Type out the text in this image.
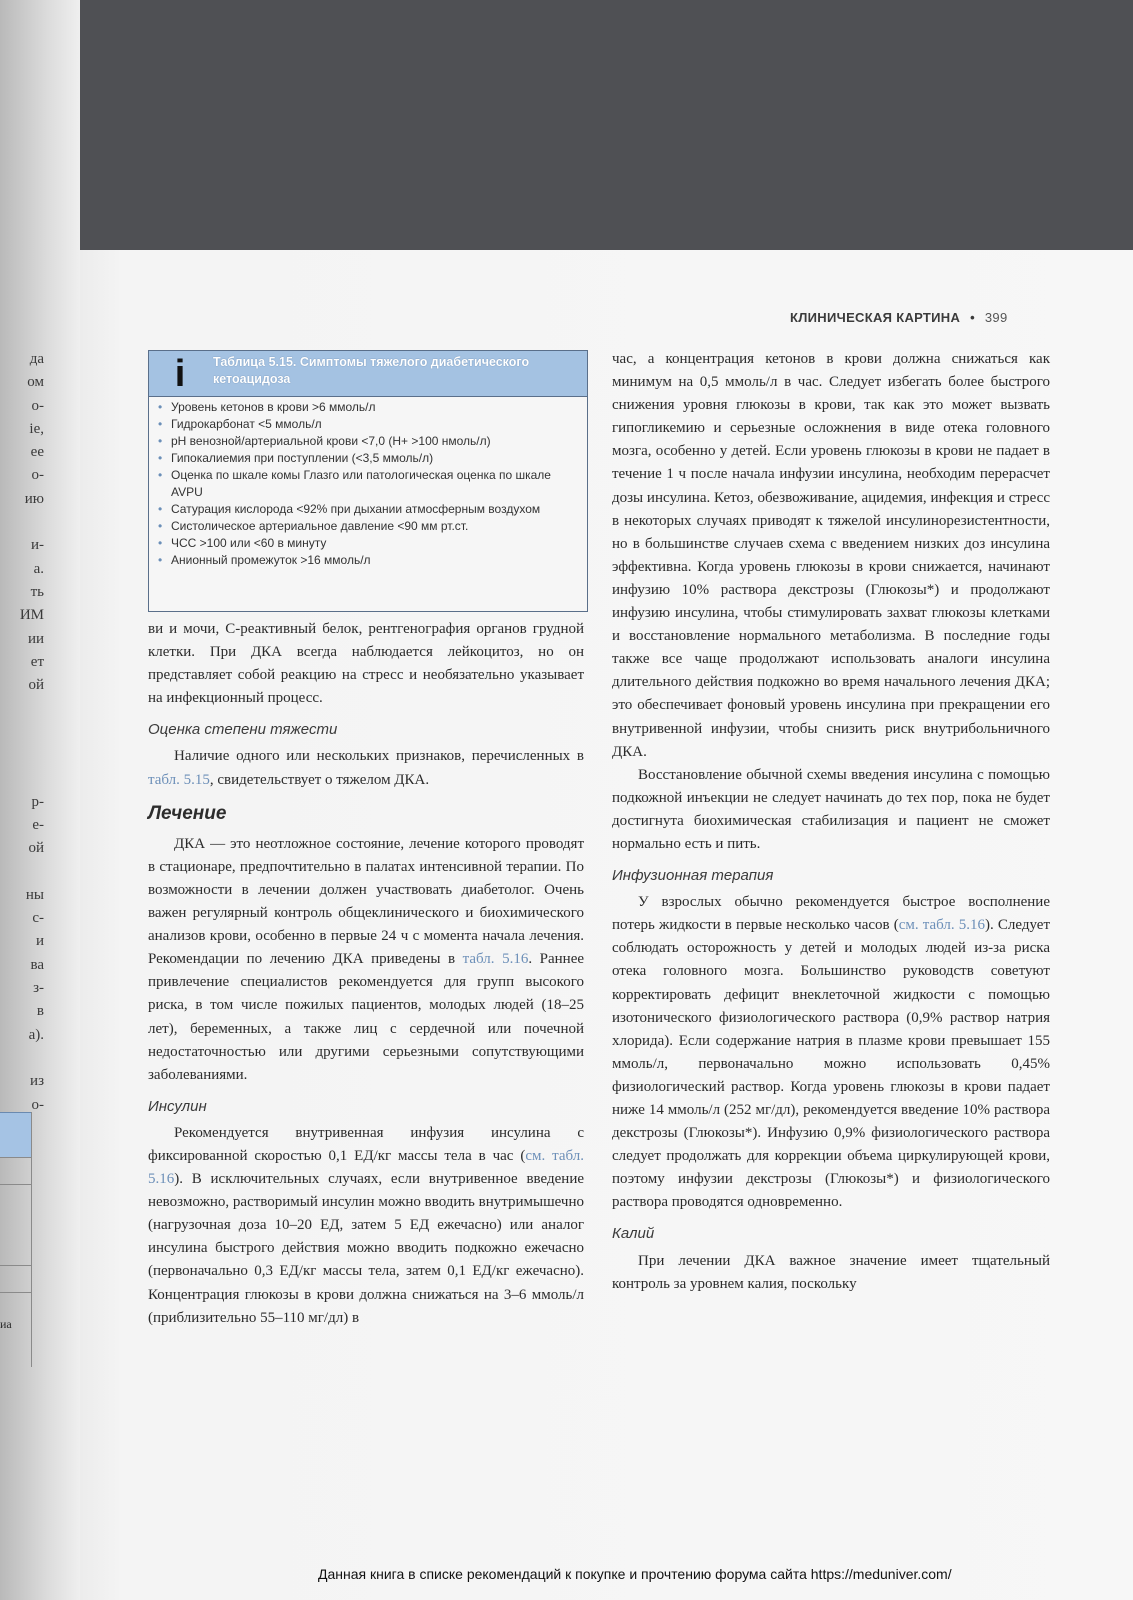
да
ом
о-
ie,
ее
о-
ию
и-
a.
ть
ИМ
ии
ет
ой
р-
е-
ой
ны
с-
и
ва
з-
в
а).
из
о-
иа
КЛИНИЧЕСКАЯ КАРТИНА • 399
i	Таблица 5.15. Симптомы тяжелого диабетического кетоацидоза
• Уровень кетонов в крови >6 ммоль/л
• Гидрокарбонат <5 ммоль/л
• pH венозной/артериальной крови <7,0 (H+ >100 нмоль/л)
• Гипокалиемия при поступлении (<3,5 ммоль/л)
• Оценка по шкале комы Глазго или патологическая оценка по шкале AVPU
• Сатурация кислорода <92% при дыхании атмосферным воздухом
• Систолическое артериальное давление <90 мм рт.ст.
• ЧСС >100 или <60 в минуту
• Анионный промежуток >16 ммоль/л

ви и мочи, С-реактивный белок, рентгенография органов грудной клетки. При ДКА всегда наблюдается лейкоцитоз, но он представляет собой реакцию на стресс и необязательно указывает на инфекционный процесс.

Оценка степени тяжести

Наличие одного или нескольких признаков, перечисленных в табл. 5.15, свидетельствует о тяжелом ДКА.

Лечение

ДКА — это неотложное состояние, лечение которого проводят в стационаре, предпочтительно в палатах интенсивной терапии. По возможности в лечении должен участвовать диабетолог. Очень важен регулярный контроль общеклинического и биохимического анализов крови, особенно в первые 24 ч с момента начала лечения. Рекомендации по лечению ДКА приведены в табл. 5.16. Раннее привлечение специалистов рекомендуется для групп высокого риска, в том числе пожилых пациентов, молодых людей (18–25 лет), беременных, а также лиц с сердечной или почечной недостаточностью или другими серьезными сопутствующими заболеваниями.

Инсулин

Рекомендуется внутривенная инфузия инсулина с фиксированной скоростью 0,1 ЕД/кг массы тела в час (см. табл. 5.16). В исключительных случаях, если внутривенное введение невозможно, растворимый инсулин можно вводить внутримышечно (нагрузочная доза 10–20 ЕД, затем 5 ЕД ежечасно) или аналог инсулина быстрого действия можно вводить подкожно ежечасно (первоначально 0,3 ЕД/кг массы тела, затем 0,1 ЕД/кг ежечасно). Концентрация глюкозы в крови должна снижаться на 3–6 ммоль/л (приблизительно 55–110 мг/дл) в

час, а концентрация кетонов в крови должна снижаться как минимум на 0,5 ммоль/л в час. Следует избегать более быстрого снижения уровня глюкозы в крови, так как это может вызвать гипогликемию и серьезные осложнения в виде отека головного мозга, особенно у детей. Если уровень глюкозы в крови не падает в течение 1 ч после начала инфузии инсулина, необходим перерасчет дозы инсулина. Кетоз, обезвоживание, ацидемия, инфекция и стресс в некоторых случаях приводят к тяжелой инсулинорезистентности, но в большинстве случаев схема с введением низких доз инсулина эффективна. Когда уровень глюкозы в крови снижается, начинают инфузию 10% раствора декстрозы (Глюкозы*) и продолжают инфузию инсулина, чтобы стимулировать захват глюкозы клетками и восстановление нормального метаболизма. В последние годы также все чаще продолжают использовать аналоги инсулина длительного действия подкожно во время начального лечения ДКА; это обеспечивает фоновый уровень инсулина при прекращении его внутривенной инфузии, чтобы снизить риск внутрибольничного ДКА.

Восстановление обычной схемы введения инсулина с помощью подкожной инъекции не следует начинать до тех пор, пока не будет достигнута биохимическая стабилизация и пациент не сможет нормально есть и пить.

Инфузионная терапия

У взрослых обычно рекомендуется быстрое восполнение потерь жидкости в первые несколько часов (см. табл. 5.16). Следует соблюдать осторожность у детей и молодых людей из-за риска отека головного мозга. Большинство руководств советуют корректировать дефицит внеклеточной жидкости с помощью изотонического физиологического раствора (0,9% раствор натрия хлорида). Если содержание натрия в плазме крови превышает 155 ммоль/л, первоначально можно использовать 0,45% физиологический раствор. Когда уровень глюкозы в крови падает ниже 14 ммоль/л (252 мг/дл), рекомендуется введение 10% раствора декстрозы (Глюкозы*). Инфузию 0,9% физиологического раствора следует продолжать для коррекции объема циркулирующей крови, поэтому инфузии декстрозы (Глюкозы*) и физиологического раствора проводятся одновременно.

Калий

При лечении ДКА важное значение имеет тщательный контроль за уровнем калия, поскольку

Данная книга в списке рекомендаций к покупке и прочтению форума сайта https://meduniver.com/
